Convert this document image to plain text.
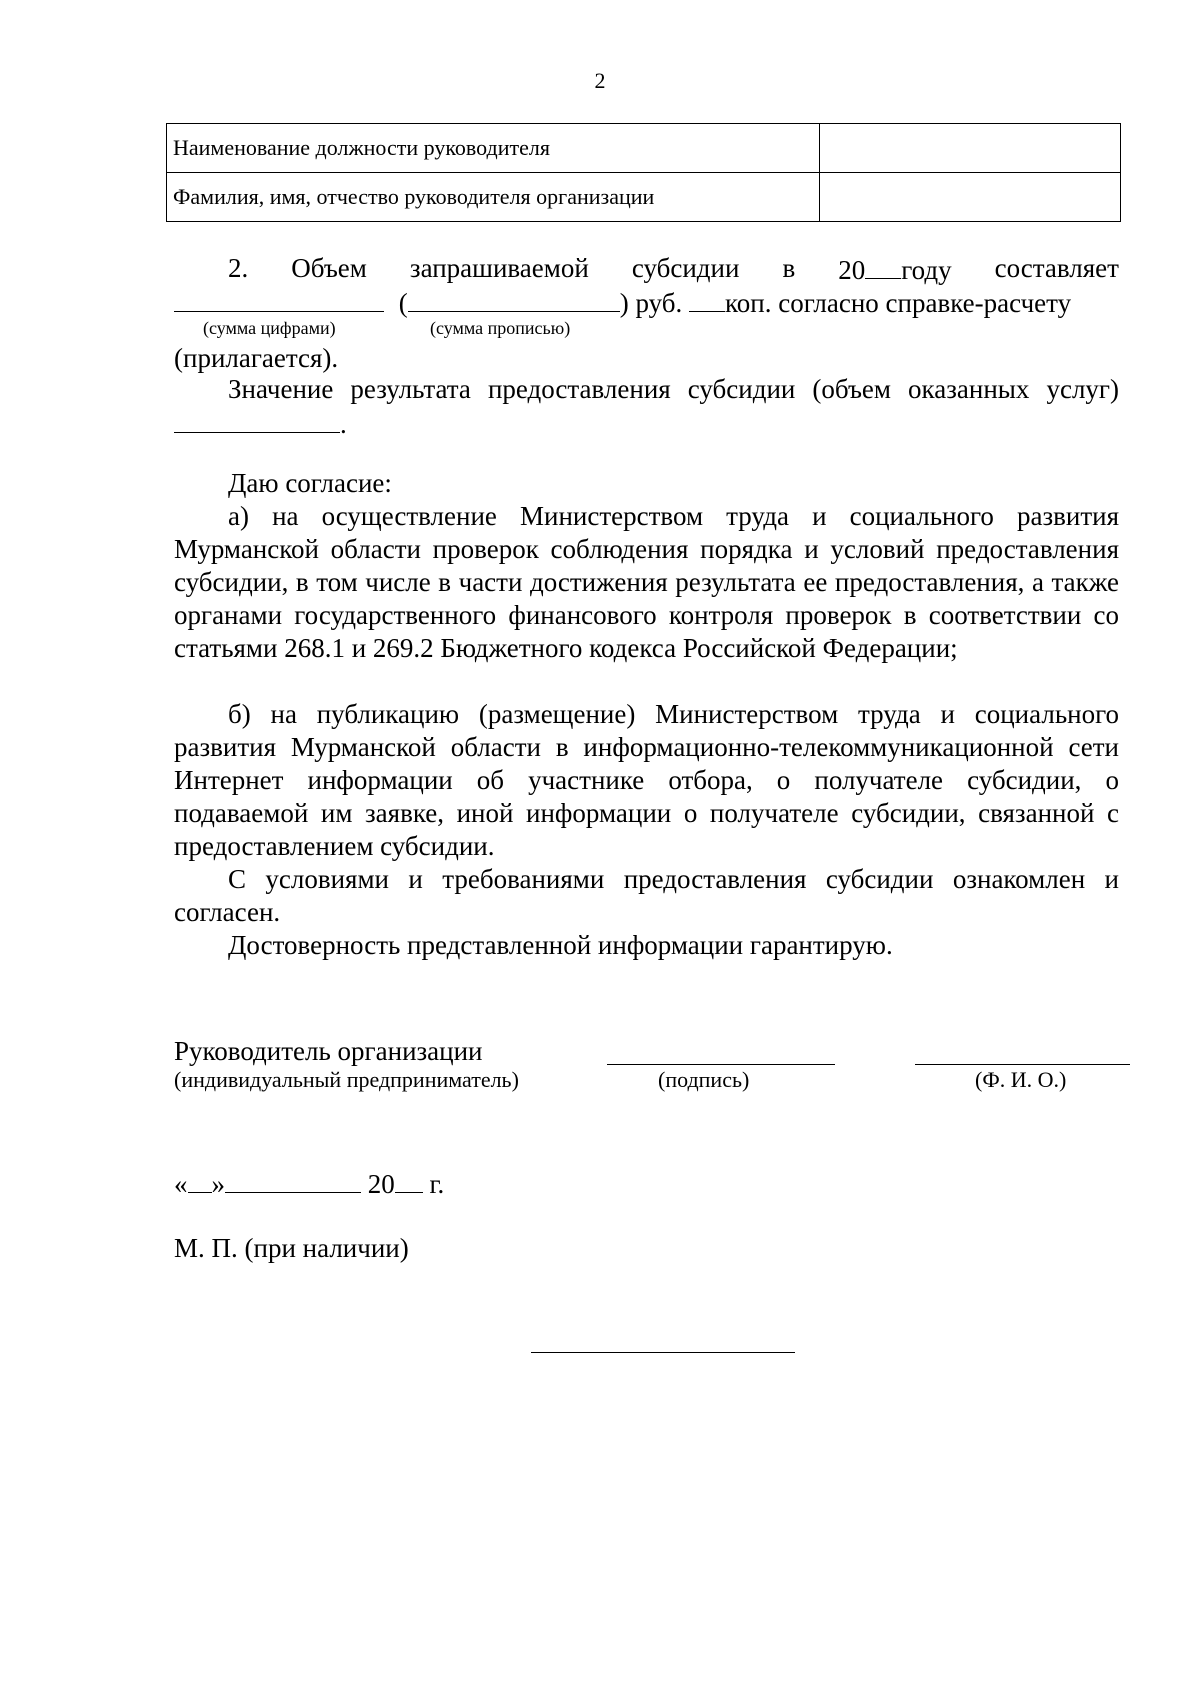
2
Наименование должности руководителя	
Фамилия, имя, отчество руководителя организации	
2. Объем запрашиваемой субсидии в 20 году составляет
(	) руб. коп. согласно справке-расчету
(сумма цифрами)	(сумма прописью)
(прилагается).
Значение результата предоставления субсидии (объем оказанных услуг)
.
Даю согласие:
а) на осуществление Министерством труда и социального развития Мурманской области проверок соблюдения порядка и условий предоставления субсидии, в том числе в части достижения результата ее предоставления, а также органами государственного финансового контроля проверок в соответствии со статьями 268.1 и 269.2 Бюджетного кодекса Российской Федерации;
б) на публикацию (размещение) Министерством труда и социального развития Мурманской области в информационно-телекоммуникационной сети Интернет информации об участнике отбора, о получателе субсидии, о подаваемой им заявке, иной информации о получателе субсидии, связанной с предоставлением субсидии.
С условиями и требованиями предоставления субсидии ознакомлен и согласен.
Достоверность представленной информации гарантирую.
Руководитель организации
(индивидуальный предприниматель)	(подпись)	(Ф. И. О.)
« »	20 г.
М. П. (при наличии)
